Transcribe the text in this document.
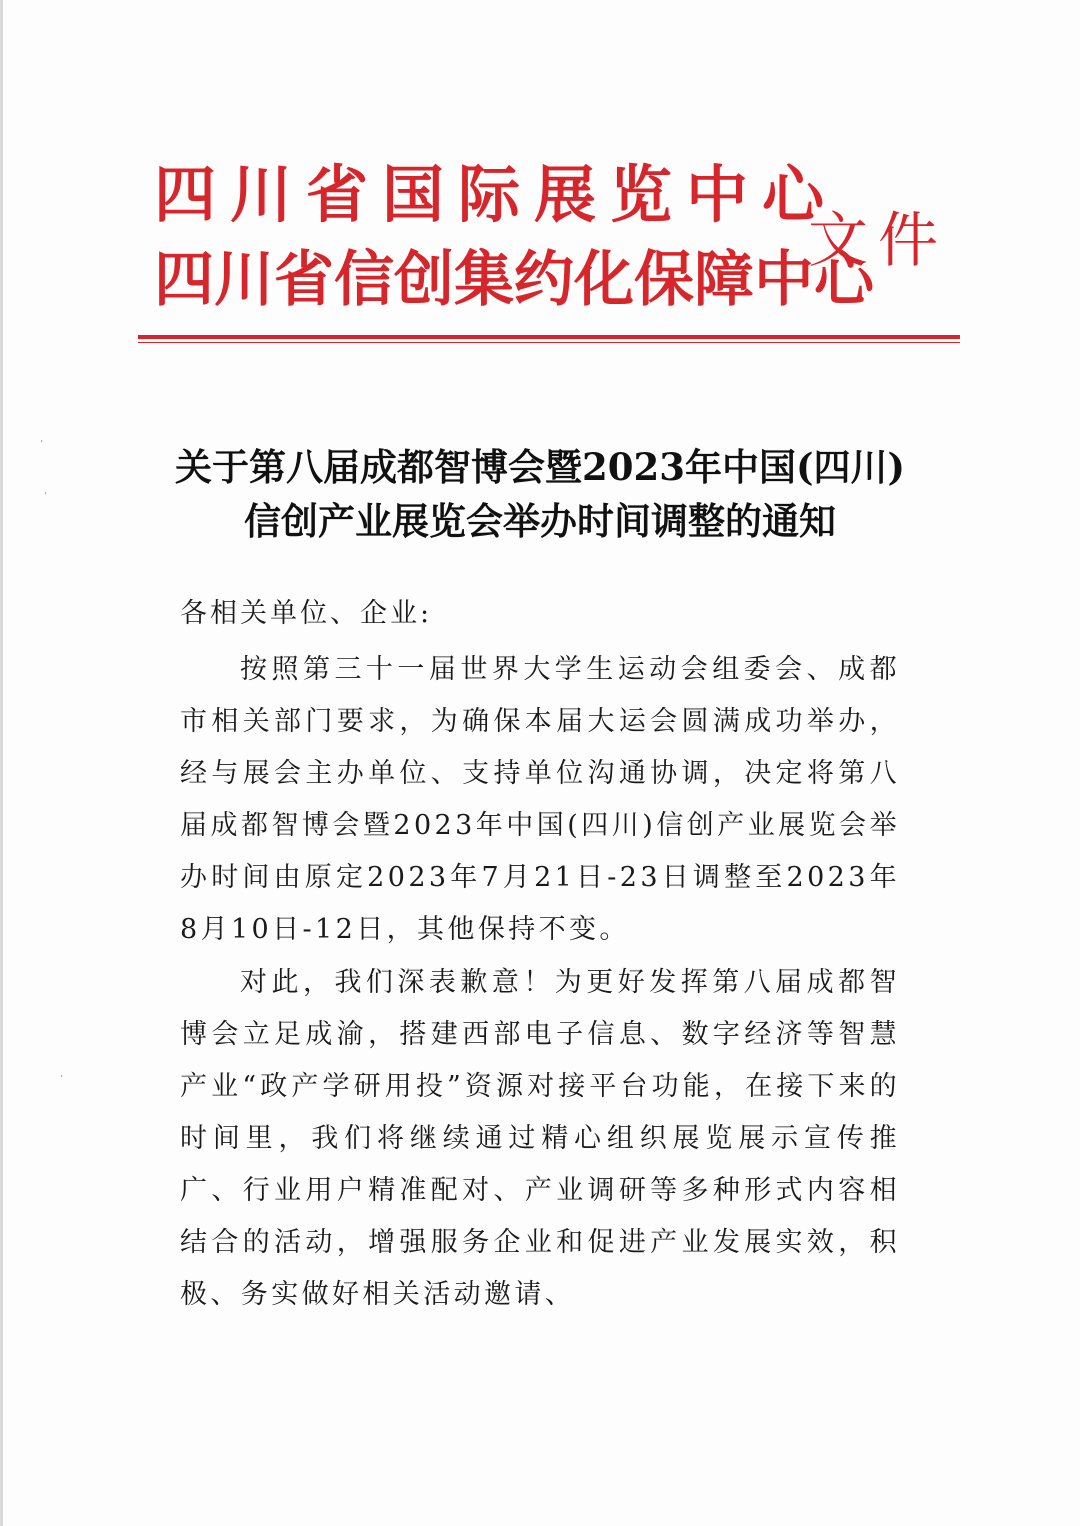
四川省国际展览中心
四川省信创集约化保障中心
文件
关于第八届成都智博会暨2023年中国(四川)
信创产业展览会举办时间调整的通知
各相关单位、企业:
按照第三十一届世界大学生运动会组委会、成都市相关部门要求，为确保本届大运会圆满成功举办，经与展会主办单位、支持单位沟通协调，决定将第八届成都智博会暨2023年中国(四川)信创产业展览会举办时间由原定2023年7月21日-23日调整至2023年8月10日-12日，其他保持不变。
对此，我们深表歉意！为更好发挥第八届成都智博会立足成渝，搭建西部电子信息、数字经济等智慧产业“政产学研用投”资源对接平台功能，在接下来的时间里，我们将继续通过精心组织展览展示宣传推广、行业用户精准配对、产业调研等多种形式内容相结合的活动，增强服务企业和促进产业发展实效，积极、务实做好相关活动邀请、
’
’
’
